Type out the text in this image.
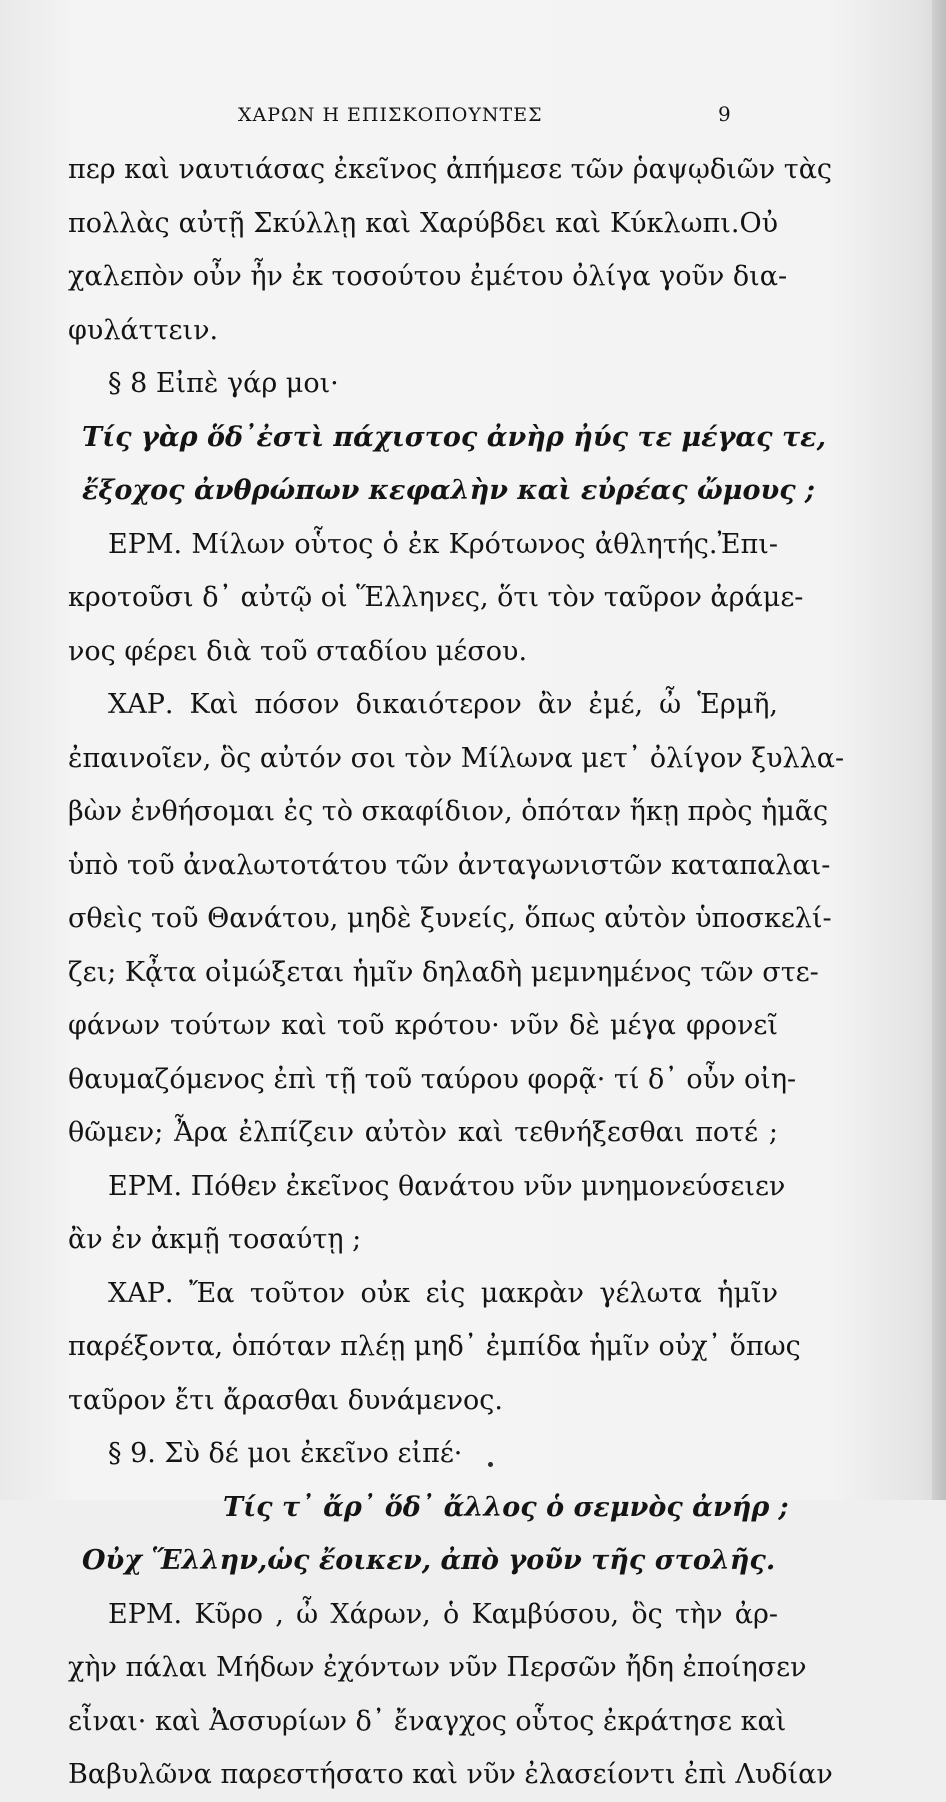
ΧΑΡΩΝ Η ΕΠΙΣΚΟΠΟΥΝΤΕΣ	9
περ καὶ ναυτιάσας ἐκεῖνος ἀπήμεσε τῶν ῥαψῳδιῶν τὰς
πολλὰς αὐτῇ Σκύλλῃ καὶ Χαρύβδει καὶ Κύκλωπι.Οὐ
χαλεπὸν οὖν ἦν ἐκ τοσούτου ἐμέτου ὀλίγα γοῦν δια-
φυλάττειν.
§ 8 Εἰπὲ γάρ μοι·
Τίς γὰρ ὅδ᾽ἐστὶ πάχιστος ἀνὴρ ἠύς τε μέγας τε,
ἔξοχος ἀνθρώπων κεφαλὴν καὶ εὐρέας ὤμους ;
ΕΡΜ. Μίλων οὗτος ὁ ἐκ Κρότωνος ἀθλητής.Ἐπι-
κροτοῦσι δ᾽ αὐτῷ οἱ Ἕλληνες, ὅτι τὸν ταῦρον ἀράμε-
νος φέρει διὰ τοῦ σταδίου μέσου.
ΧΑΡ. Καὶ πόσον δικαιότερον ἂν ἐμέ, ὦ Ἑρμῆ,
ἐπαινοῖεν, ὃς αὐτόν σοι τὸν Μίλωνα μετ᾽ ὀλίγον ξυλλα-
βὼν ἐνθήσομαι ἐς τὸ σκαφίδιον, ὁπόταν ἥκῃ πρὸς ἡμᾶς
ὑπὸ τοῦ ἀναλωτοτάτου τῶν ἀνταγωνιστῶν καταπαλαι-
σθεὶς τοῦ Θανάτου, μηδὲ ξυνείς, ὅπως αὐτὸν ὑποσκελί-
ζει; Κᾆτα οἰμώξεται ἡμῖν δηλαδὴ μεμνημένος τῶν στε-
φάνων τούτων καὶ τοῦ κρότου· νῦν δὲ μέγα φρονεῖ
θαυμαζόμενος ἐπὶ τῇ τοῦ ταύρου φορᾷ· τί δ᾽ οὖν οἰη-
θῶμεν; Ἆρα ἐλπίζειν αὐτὸν καὶ τεθνήξεσθαι ποτέ ;
ΕΡΜ. Πόθεν ἐκεῖνος θανάτου νῦν μνημονεύσειεν
ἂν ἐν ἀκμῇ τοσαύτῃ ;
ΧΑΡ. Ἔα τοῦτον οὐκ εἰς μακρὰν γέλωτα ἡμῖν
παρέξοντα, ὁπόταν πλέῃ μηδ᾽ ἐμπίδα ἡμῖν οὐχ᾽ ὅπως
ταῦρον ἔτι ἄρασθαι δυνάμενος.
§ 9. Σὺ δέ μοι ἐκεῖνο εἰπέ·
Τίς τ᾽ ἄρ᾽ ὅδ᾽ ἄλλος ὁ σεμνὸς ἀνήρ ;
Οὐχ Ἕλλην,ὡς ἔοικεν, ἀπὸ γοῦν τῆς στολῆς.
ΕΡΜ. Κῦρο , ὦ Χάρων, ὁ Καμβύσου, ὃς τὴν ἀρ-
χὴν πάλαι Μήδων ἐχόντων νῦν Περσῶν ἤδη ἐποίησεν
εἶναι· καὶ Ἀσσυρίων δ᾽ ἔναγχος οὗτος ἐκράτησε καὶ
Βαβυλῶνα παρεστήσατο καὶ νῦν ἐλασείοντι ἐπὶ Λυδίαν
